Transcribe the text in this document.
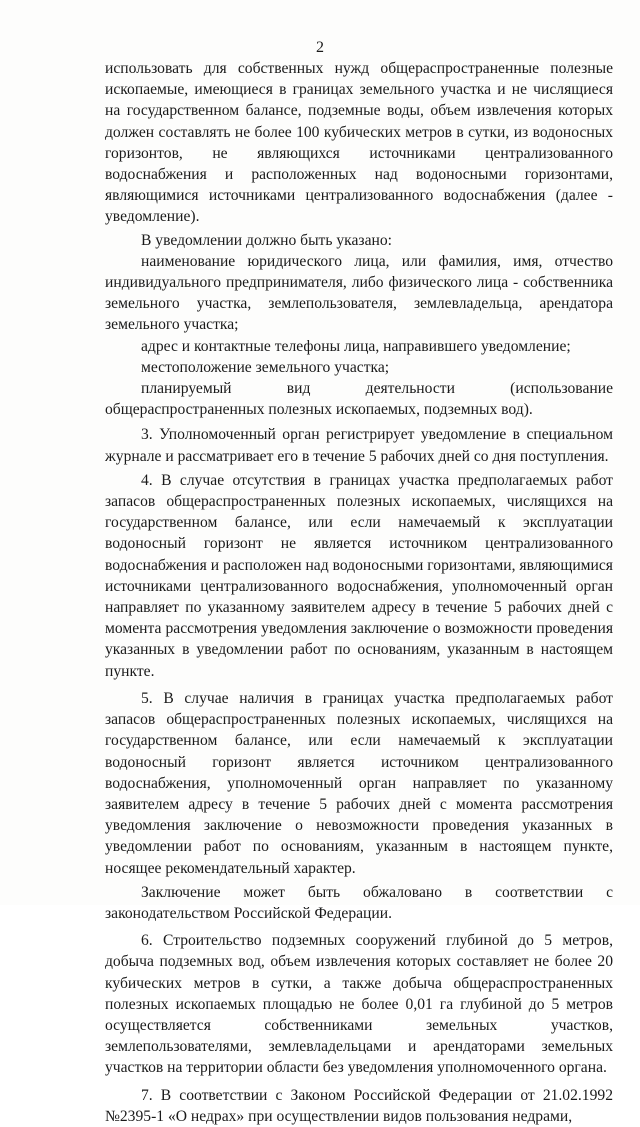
2

использовать для собственных нужд общераспространенные полезные ископаемые, имеющиеся в границах земельного участка и не числящиеся на государственном балансе, подземные воды, объем извлечения которых должен составлять не более 100 кубических метров в сутки, из водоносных горизонтов, не являющихся источниками централизованного водоснабжения и расположенных над водоносными горизонтами, являющимися источниками централизованного водоснабжения (далее - уведомление).

В уведомлении должно быть указано:

наименование юридического лица, или фамилия, имя, отчество индивидуального предпринимателя, либо физического лица - собственника земельного участка, землепользователя, землевладельца, арендатора земельного участка;

адрес и контактные телефоны лица, направившего уведомление;

местоположение земельного участка;

планируемый вид деятельности (использование общераспространенных полезных ископаемых, подземных вод).

3. Уполномоченный орган регистрирует уведомление в специальном журнале и рассматривает его в течение 5 рабочих дней со дня поступления.

4. В случае отсутствия в границах участка предполагаемых работ запасов общераспространенных полезных ископаемых, числящихся на государственном балансе, или если намечаемый к эксплуатации водоносный горизонт не является источником централизованного водоснабжения и расположен над водоносными горизонтами, являющимися источниками централизованного водоснабжения, уполномоченный орган направляет по указанному заявителем адресу в течение 5 рабочих дней с момента рассмотрения уведомления заключение о возможности проведения указанных в уведомлении работ по основаниям, указанным в настоящем пункте.

5. В случае наличия в границах участка предполагаемых работ запасов общераспространенных полезных ископаемых, числящихся на государственном балансе, или если намечаемый к эксплуатации водоносный горизонт является источником централизованного водоснабжения, уполномоченный орган направляет по указанному заявителем адресу в течение 5 рабочих дней с момента рассмотрения уведомления заключение о невозможности проведения указанных в уведомлении работ по основаниям, указанным в настоящем пункте, носящее рекомендательный характер.

Заключение может быть обжаловано в соответствии с законодательством Российской Федерации.

6. Строительство подземных сооружений глубиной до 5 метров, добыча подземных вод, объем извлечения которых составляет не более 20 кубических метров в сутки, а также добыча общераспространенных полезных ископаемых площадью не более 0,01 га глубиной до 5 метров осуществляется собственниками земельных участков, землепользователями, землевладельцами и арендаторами земельных участков на территории области без уведомления уполномоченного органа.

7. В соответствии с Законом Российской Федерации от 21.02.1992 №2395-1 «О недрах» при осуществлении видов пользования недрами,
